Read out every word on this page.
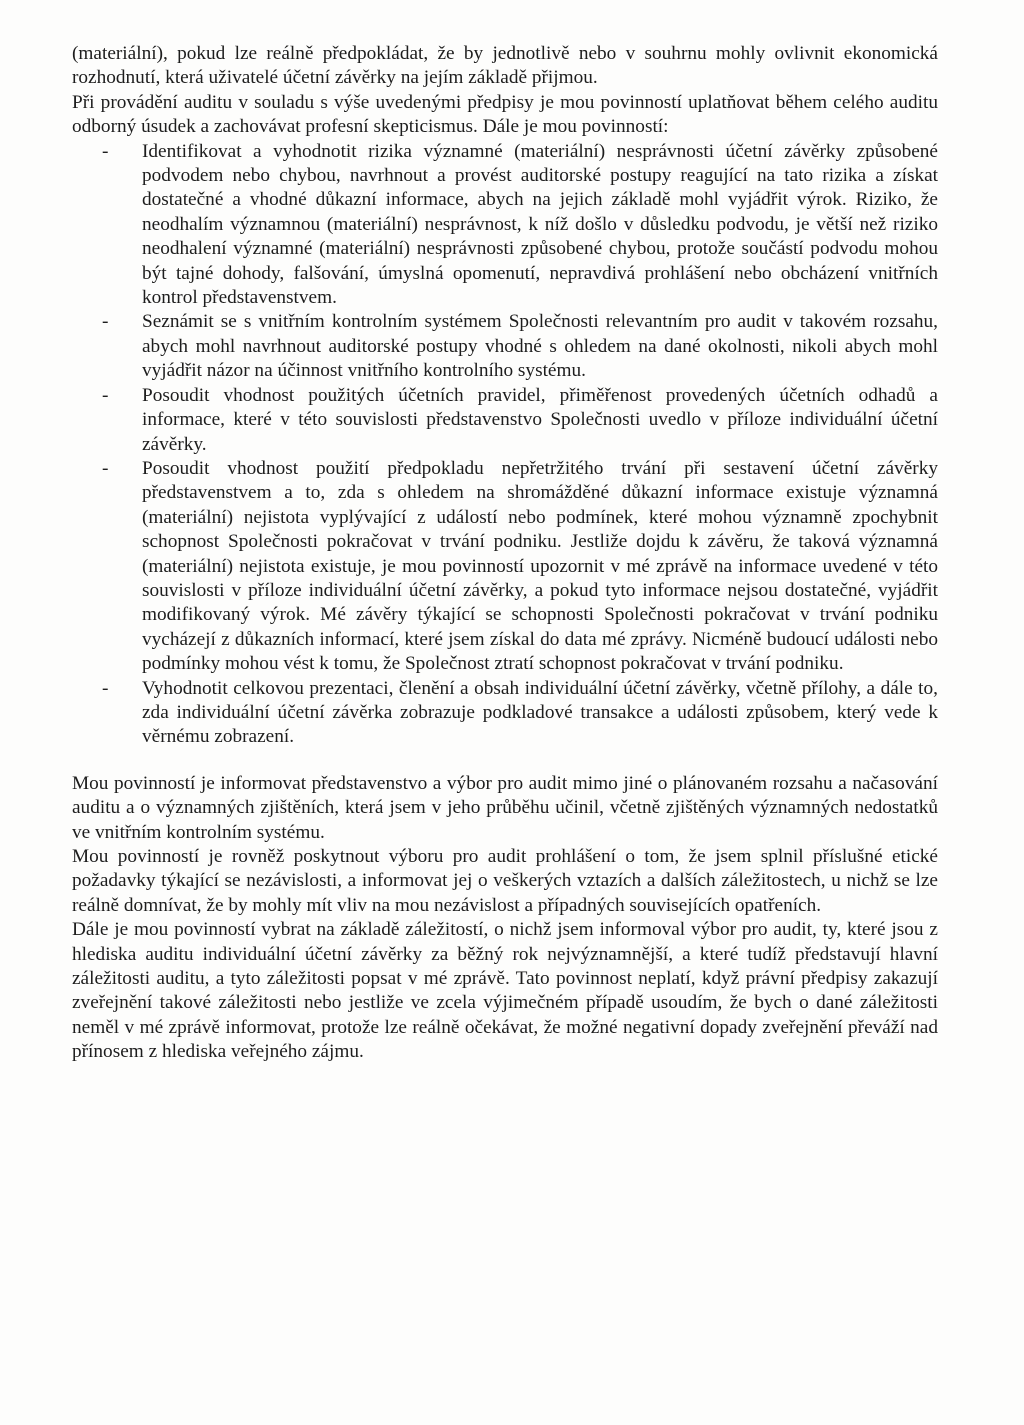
(materiální), pokud lze reálně předpokládat, že by jednotlivě nebo v souhrnu mohly ovlivnit ekonomická rozhodnutí, která uživatelé účetní závěrky na jejím základě přijmou.

Při provádění auditu v souladu s výše uvedenými předpisy je mou povinností uplatňovat během celého auditu odborný úsudek a zachovávat profesní skepticismus. Dále je mou povinností:

- Identifikovat a vyhodnotit rizika významné (materiální) nesprávnosti účetní závěrky způsobené podvodem nebo chybou, navrhnout a provést auditorské postupy reagující na tato rizika a získat dostatečné a vhodné důkazní informace, abych na jejich základě mohl vyjádřit výrok. Riziko, že neodhalím významnou (materiální) nesprávnost, k níž došlo v důsledku podvodu, je větší než riziko neodhalení významné (materiální) nesprávnosti způsobené chybou, protože součástí podvodu mohou být tajné dohody, falšování, úmyslná opomenutí, nepravdivá prohlášení nebo obcházení vnitřních kontrol představenstvem.
- Seznámit se s vnitřním kontrolním systémem Společnosti relevantním pro audit v takovém rozsahu, abych mohl navrhnout auditorské postupy vhodné s ohledem na dané okolnosti, nikoli abych mohl vyjádřit názor na účinnost vnitřního kontrolního systému.
- Posoudit vhodnost použitých účetních pravidel, přiměřenost provedených účetních odhadů a informace, které v této souvislosti představenstvo Společnosti uvedlo v příloze individuální účetní závěrky.
- Posoudit vhodnost použití předpokladu nepřetržitého trvání při sestavení účetní závěrky představenstvem a to, zda s ohledem na shromážděné důkazní informace existuje významná (materiální) nejistota vyplývající z událostí nebo podmínek, které mohou významně zpochybnit schopnost Společnosti pokračovat v trvání podniku. Jestliže dojdu k závěru, že taková významná (materiální) nejistota existuje, je mou povinností upozornit v mé zprávě na informace uvedené v této souvislosti v příloze individuální účetní závěrky, a pokud tyto informace nejsou dostatečné, vyjádřit modifikovaný výrok. Mé závěry týkající se schopnosti Společnosti pokračovat v trvání podniku vycházejí z důkazních informací, které jsem získal do data mé zprávy. Nicméně budoucí události nebo podmínky mohou vést k tomu, že Společnost ztratí schopnost pokračovat v trvání podniku.
- Vyhodnotit celkovou prezentaci, členění a obsah individuální účetní závěrky, včetně přílohy, a dále to, zda individuální účetní závěrka zobrazuje podkladové transakce a události způsobem, který vede k věrnému zobrazení.

Mou povinností je informovat představenstvo a výbor pro audit mimo jiné o plánovaném rozsahu a načasování auditu a o významných zjištěních, která jsem v jeho průběhu učinil, včetně zjištěných významných nedostatků ve vnitřním kontrolním systému.

Mou povinností je rovněž poskytnout výboru pro audit prohlášení o tom, že jsem splnil příslušné etické požadavky týkající se nezávislosti, a informovat jej o veškerých vztazích a dalších záležitostech, u nichž se lze reálně domnívat, že by mohly mít vliv na mou nezávislost a případných souvisejících opatřeních.

Dále je mou povinností vybrat na základě záležitostí, o nichž jsem informoval výbor pro audit, ty, které jsou z hlediska auditu individuální účetní závěrky za běžný rok nejvýznamnější, a které tudíž představují hlavní záležitosti auditu, a tyto záležitosti popsat v mé zprávě. Tato povinnost neplatí, když právní předpisy zakazují zveřejnění takové záležitosti nebo jestliže ve zcela výjimečném případě usoudím, že bych o dané záležitosti neměl v mé zprávě informovat, protože lze reálně očekávat, že možné negativní dopady zveřejnění převáží nad přínosem z hlediska veřejného zájmu.
